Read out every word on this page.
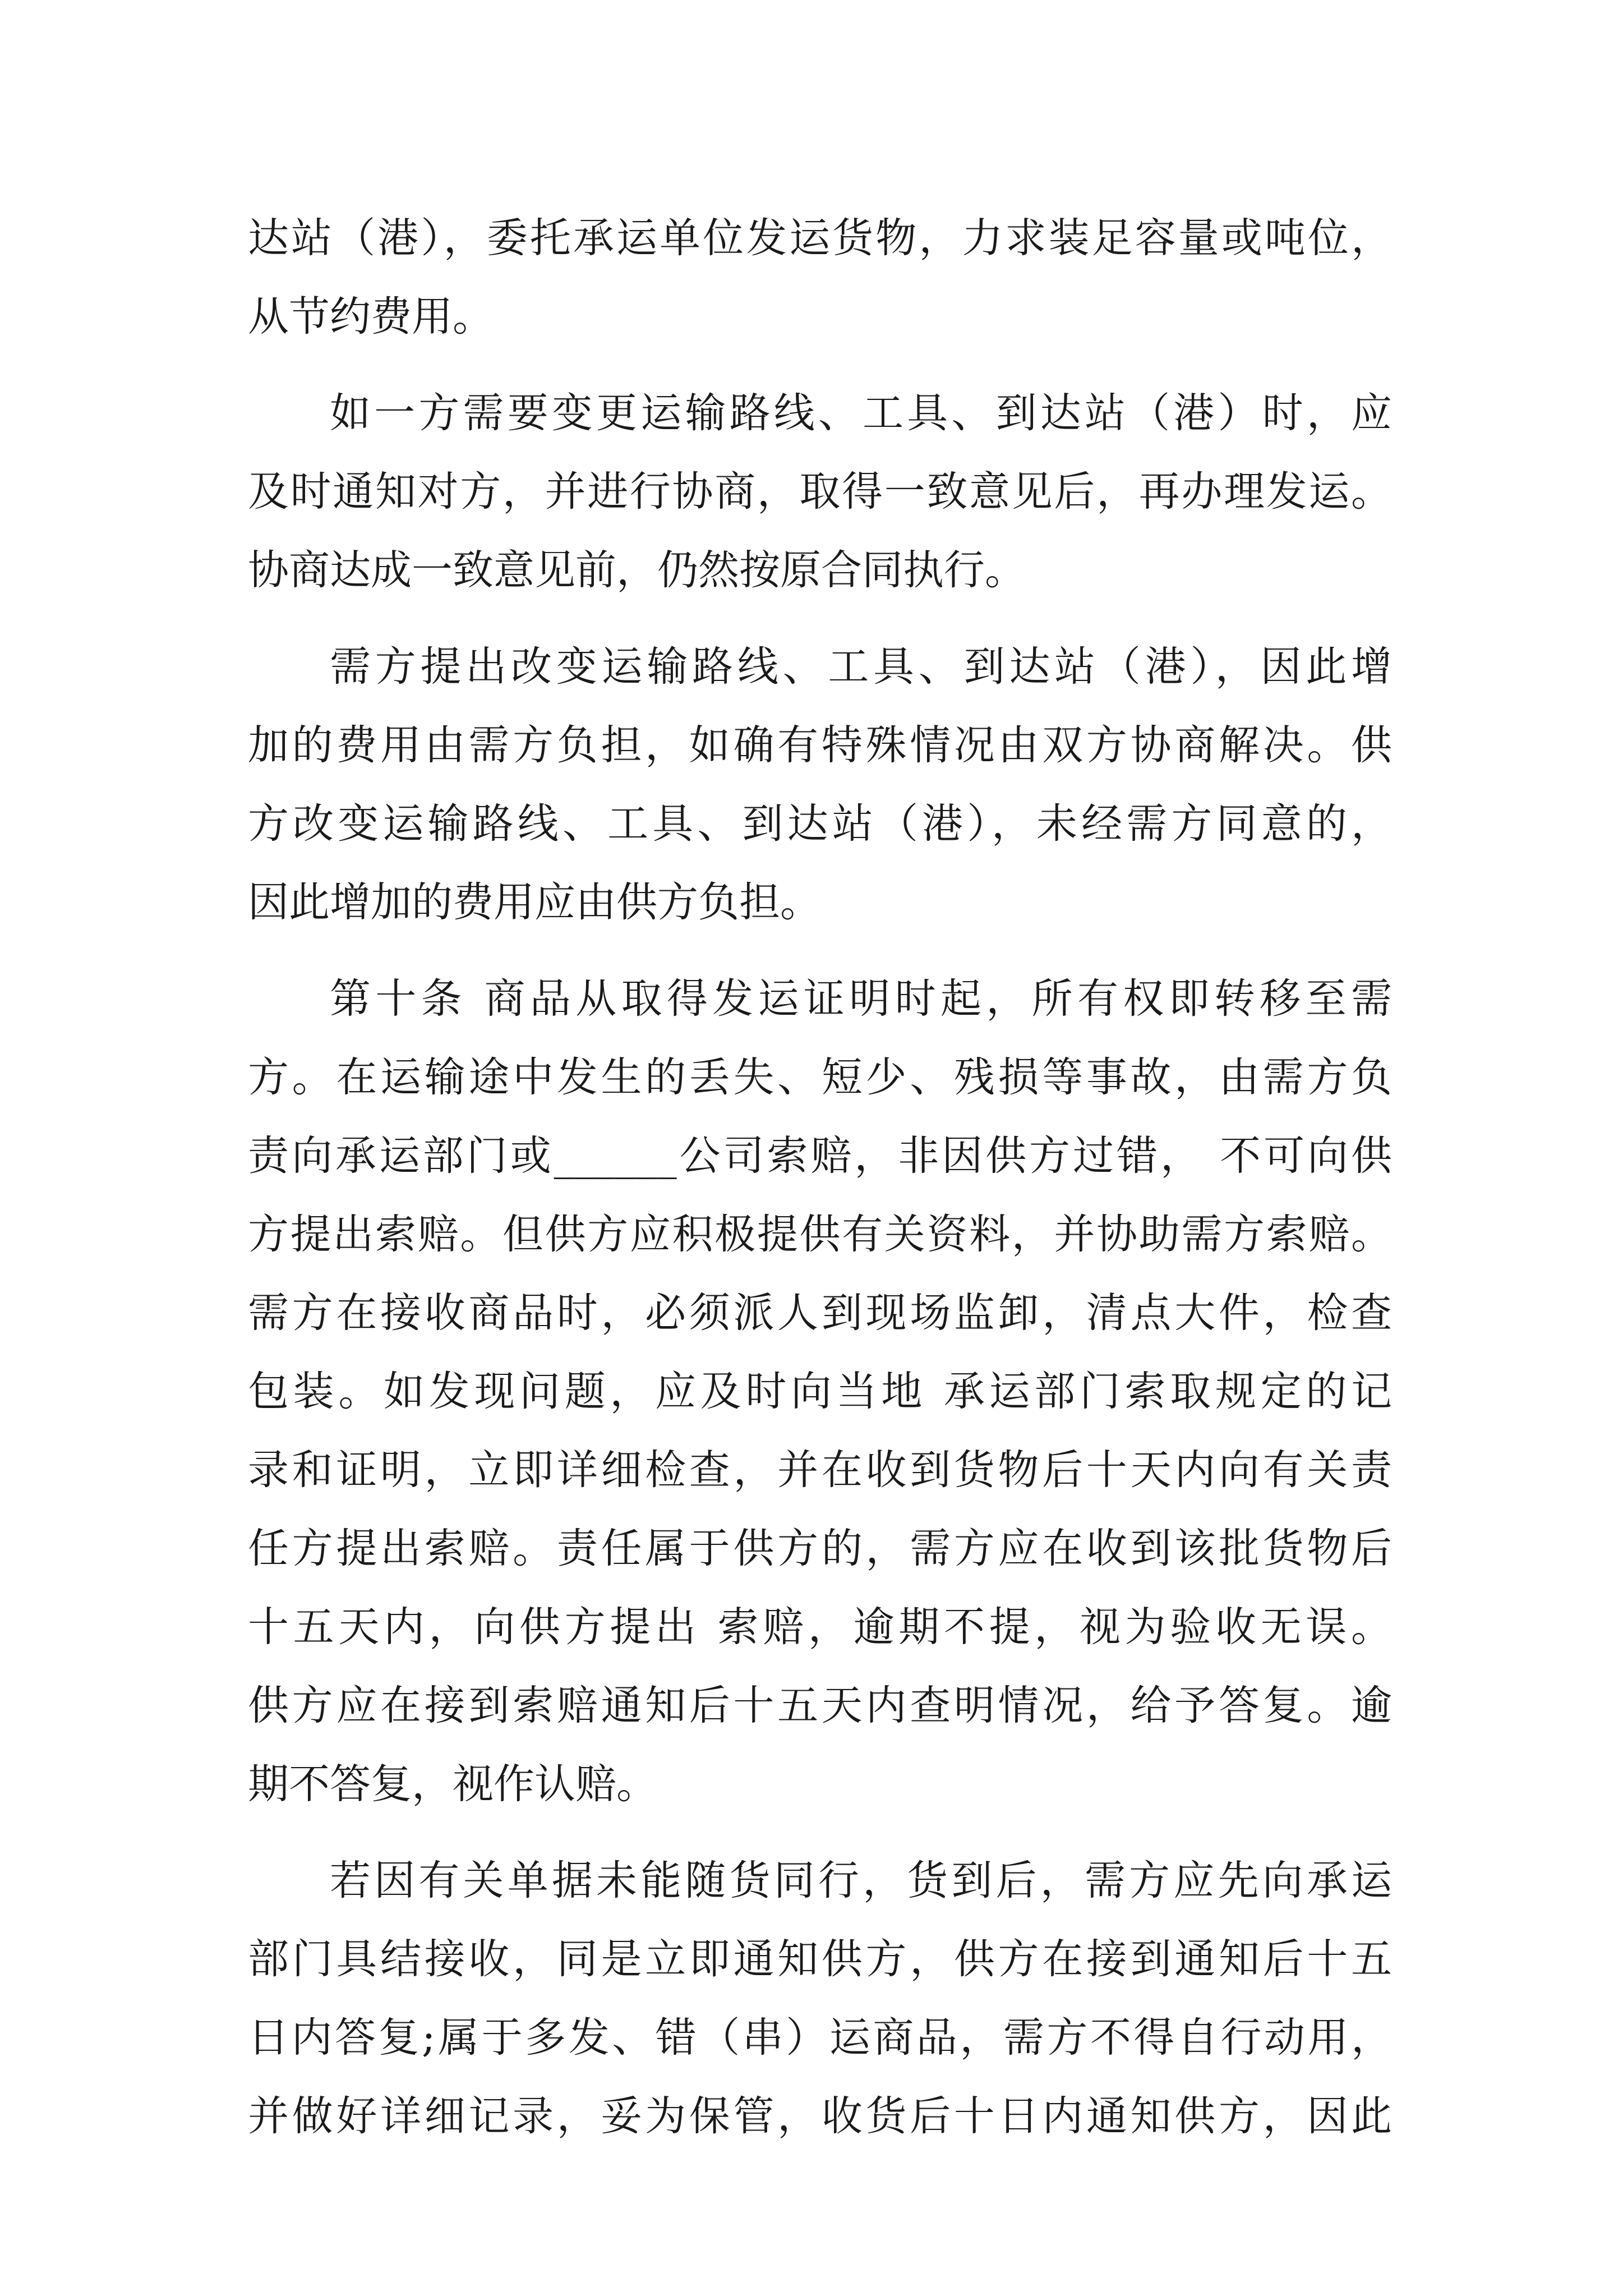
达站（港），委托承运单位发运货物，力求装足容量或吨位，
从节约费用。
如一方需要变更运输路线、工具、到达站（港）时，应
及时通知对方，并进行协商，取得一致意见后，再办理发运。
协商达成一致意见前，仍然按原合同执行。
需方提出改变运输路线、工具、到达站（港），因此增
加的费用由需方负担，如确有特殊情况由双方协商解决。供
方改变运输路线、工具、到达站（港），未经需方同意的，
因此增加的费用应由供方负担。
第十条 商品从取得发运证明时起，所有权即转移至需
方。在运输途中发生的丢失、短少、残损等事故，由需方负
责向承运部门或______公司索赔，非因供方过错， 不可向供
方提出索赔。但供方应积极提供有关资料，并协助需方索赔。
需方在接收商品时，必须派人到现场监卸，清点大件，检查
包装。如发现问题，应及时向当地 承运部门索取规定的记
录和证明，立即详细检查，并在收到货物后十天内向有关责
任方提出索赔。责任属于供方的，需方应在收到该批货物后
十五天内，向供方提出 索赔，逾期不提，视为验收无误。
供方应在接到索赔通知后十五天内查明情况，给予答复。逾
期不答复，视作认赔。
若因有关单据未能随货同行，货到后，需方应先向承运
部门具结接收，同是立即通知供方，供方在接到通知后十五
日内答复;属于多发、错（串）运商品，需方不得自行动用，
并做好详细记录，妥为保管，收货后十日内通知供方，因此
